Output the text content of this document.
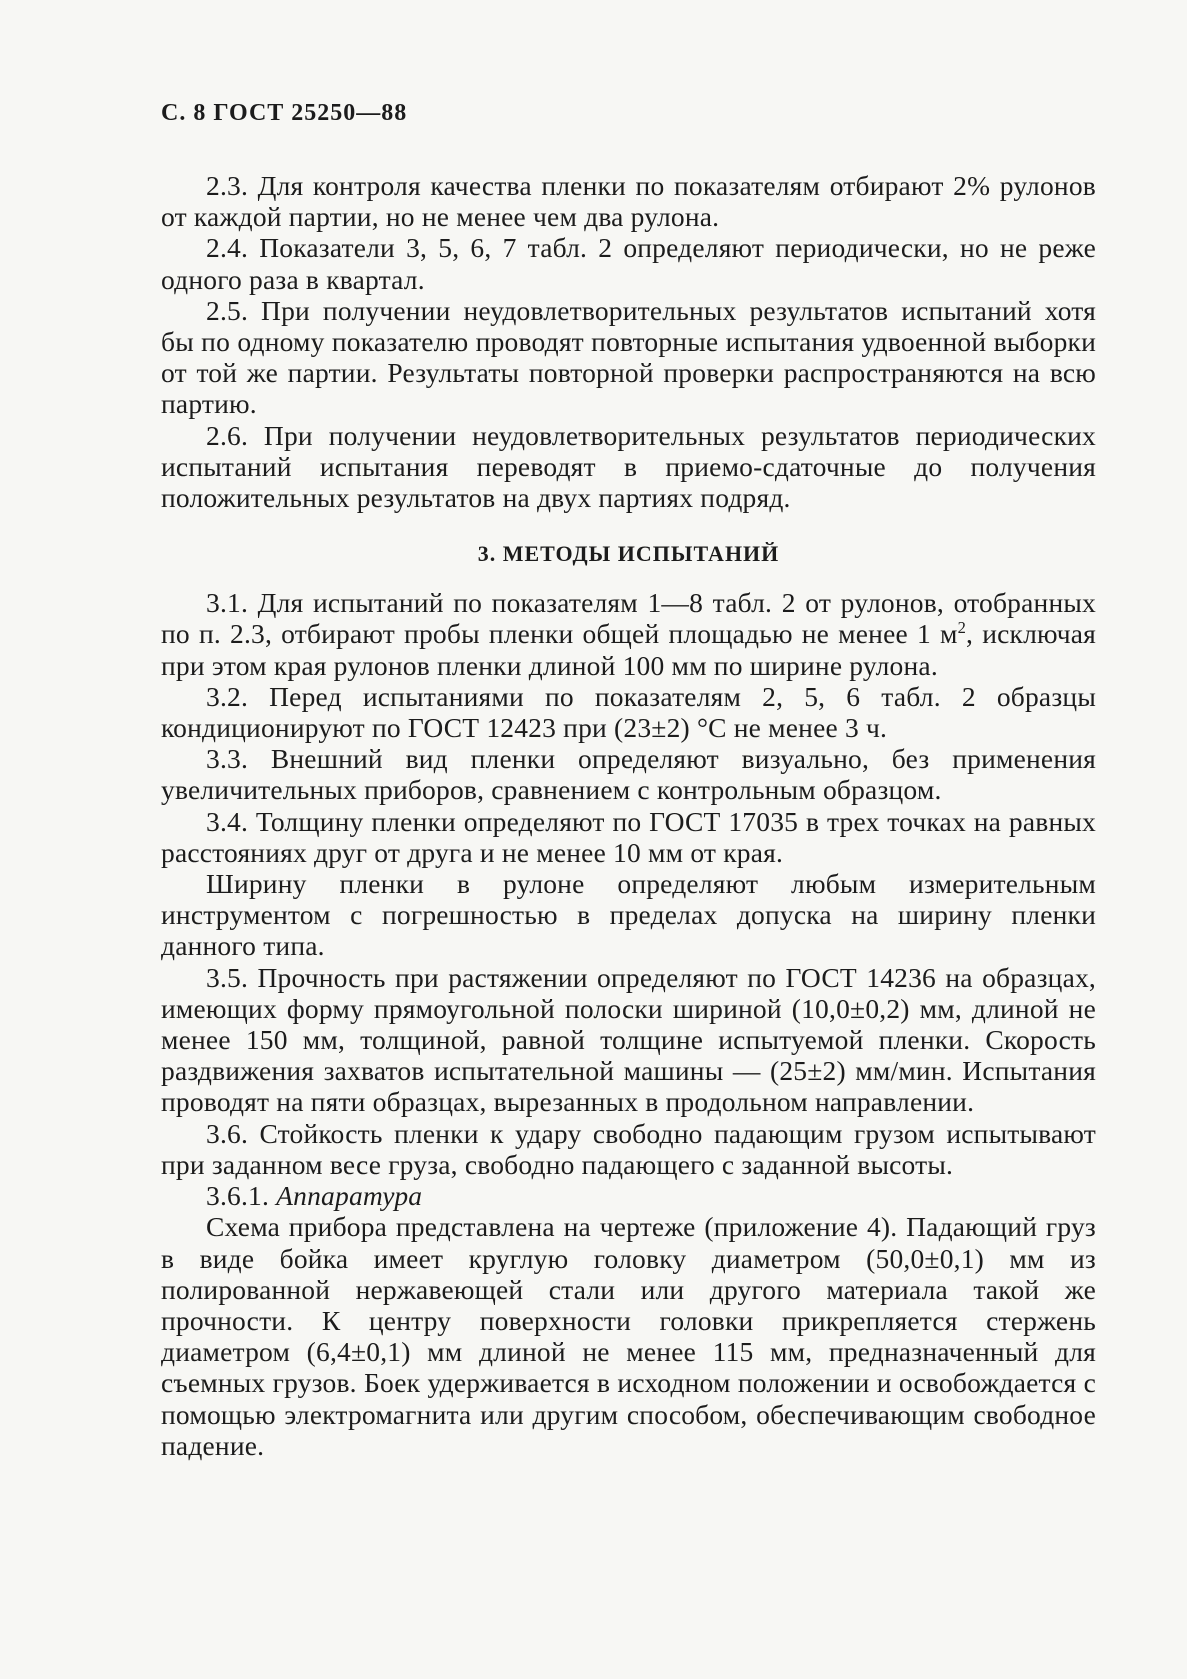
С. 8 ГОСТ 25250—88

2.3. Для контроля качества пленки по показателям отбирают 2% рулонов от каждой партии, но не менее чем два рулона.

2.4. Показатели 3, 5, 6, 7 табл. 2 определяют периодически, но не реже одного раза в квартал.

2.5. При получении неудовлетворительных результатов испытаний хотя бы по одному показателю проводят повторные испытания удвоенной выборки от той же партии. Результаты повторной проверки распространяются на всю партию.

2.6. При получении неудовлетворительных результатов периодических испытаний испытания переводят в приемо-сдаточные до получения положительных результатов на двух партиях подряд.

3. МЕТОДЫ ИСПЫТАНИЙ

3.1. Для испытаний по показателям 1—8 табл. 2 от рулонов, отобранных по п. 2.3, отбирают пробы пленки общей площадью не менее 1 $м^2$, исключая при этом края рулонов пленки длиной 100 мм по ширине рулона.

3.2. Перед испытаниями по показателям 2, 5, 6 табл. 2 образцы кондиционируют по ГОСТ 12423 при (23±2) °С не менее 3 ч.

3.3. Внешний вид пленки определяют визуально, без применения увеличительных приборов, сравнением с контрольным образцом.

3.4. Толщину пленки определяют по ГОСТ 17035 в трех точках на равных расстояниях друг от друга и не менее 10 мм от края.

Ширину пленки в рулоне определяют любым измерительным инструментом с погрешностью в пределах допуска на ширину пленки данного типа.

3.5. Прочность при растяжении определяют по ГОСТ 14236 на образцах, имеющих форму прямоугольной полоски шириной (10,0±0,2) мм, длиной не менее 150 мм, толщиной, равной толщине испытуемой пленки. Скорость раздвижения захватов испытательной машины — (25±2) мм/мин. Испытания проводят на пяти образцах, вырезанных в продольном направлении.

3.6. Стойкость пленки к удару свободно падающим грузом испытывают при заданном весе груза, свободно падающего с заданной высоты.

3.6.1. Аппаратура

Схема прибора представлена на чертеже (приложение 4). Падающий груз в виде бойка имеет круглую головку диаметром (50,0±0,1) мм из полированной нержавеющей стали или другого материала такой же прочности. К центру поверхности головки прикрепляется стержень диаметром (6,4±0,1) мм длиной не менее 115 мм, предназначенный для съемных грузов. Боек удерживается в исходном положении и освобождается с помощью электромагнита или другим способом, обеспечивающим свободное падение.
